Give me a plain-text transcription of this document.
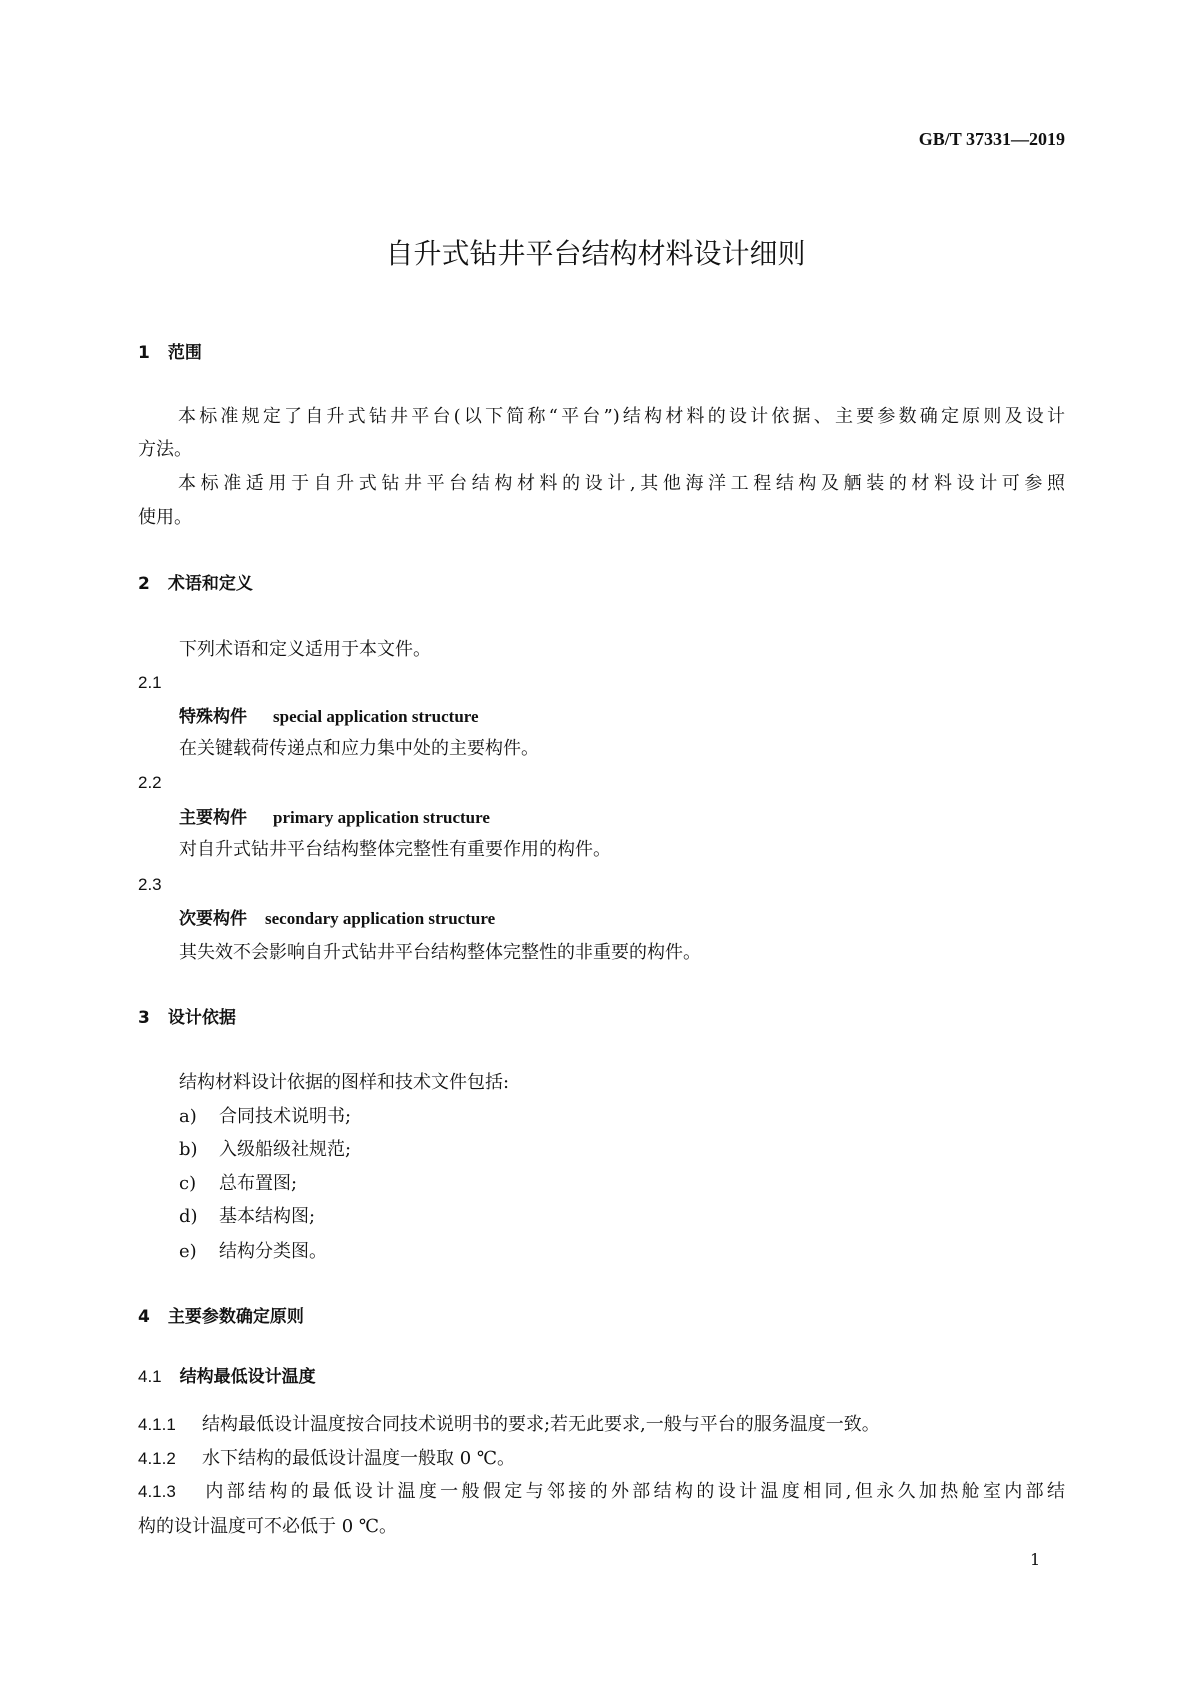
GB/T 37331—2019
自升式钻井平台结构材料设计细则
1 范围
本标准规定了自升式钻井平台(以下简称“平台”)结构材料的设计依据、主要参数确定原则及设计
方法。
本标准适用于自升式钻井平台结构材料的设计,其他海洋工程结构及舾装的材料设计可参照
使用。
2 术语和定义
下列术语和定义适用于本文件。
2.1
特殊构件 special application structure
在关键载荷传递点和应力集中处的主要构件。
2.2
主要构件 primary application structure
对自升式钻井平台结构整体完整性有重要作用的构件。
2.3
次要构件 secondary application structure
其失效不会影响自升式钻井平台结构整体完整性的非重要的构件。
3 设计依据
结构材料设计依据的图样和技术文件包括:
a) 合同技术说明书;
b) 入级船级社规范;
c) 总布置图;
d) 基本结构图;
e) 结构分类图。
4 主要参数确定原则
4.1 结构最低设计温度
4.1.1 结构最低设计温度按合同技术说明书的要求;若无此要求,一般与平台的服务温度一致。
4.1.2 水下结构的最低设计温度一般取 0 ℃。
4.1.3 内部结构的最低设计温度一般假定与邻接的外部结构的设计温度相同,但永久加热舱室内部结
构的设计温度可不必低于 0 ℃。
1
